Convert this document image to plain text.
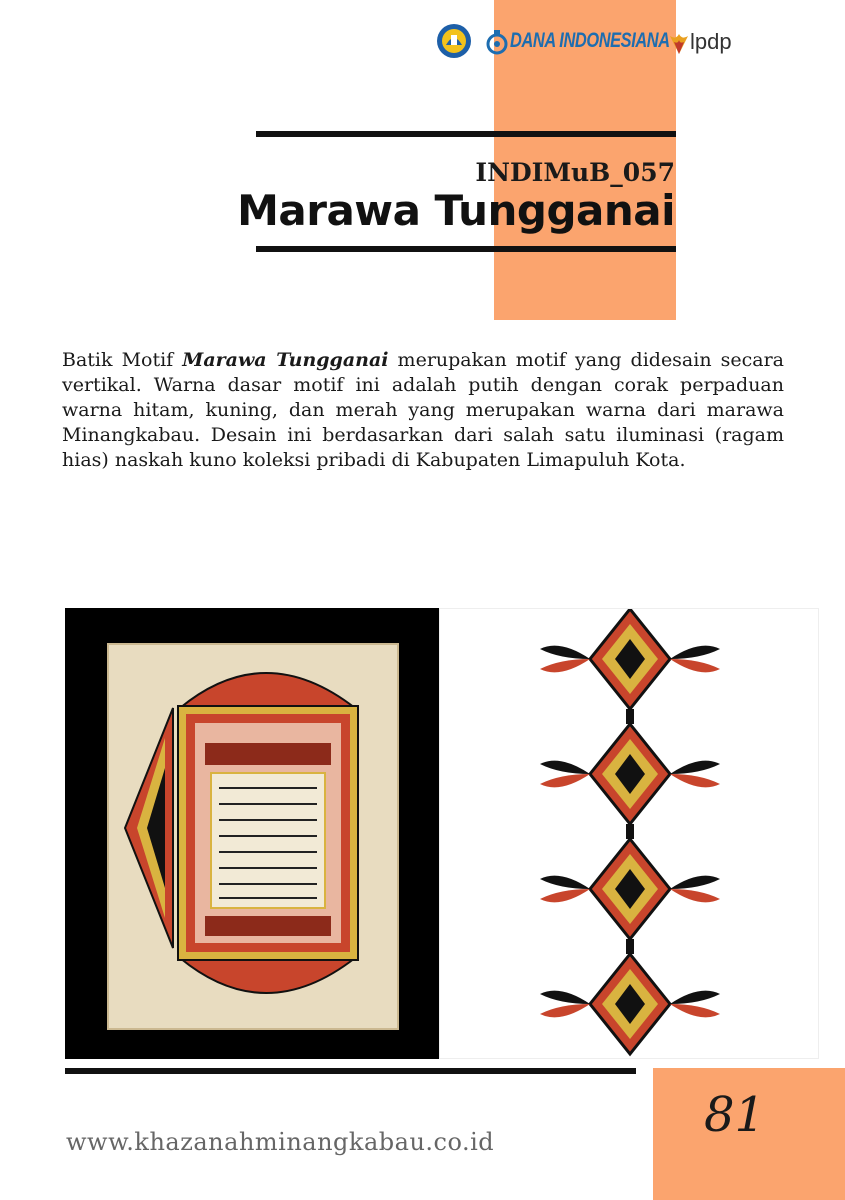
DANA INDONESIANA lpdp
INDIMuB_057
Marawa Tungganai

Batik Motif Marawa Tungganai merupakan motif yang didesain secara vertikal. Warna dasar motif ini adalah putih dengan corak perpaduan warna hitam, kuning, dan merah yang merupakan warna dari marawa Minangkabau. Desain ini berdasarkan dari salah satu iluminasi (ragam hias) naskah kuno koleksi pribadi di Kabupaten Limapuluh Kota.

81
www.khazanahminangkabau.co.id
